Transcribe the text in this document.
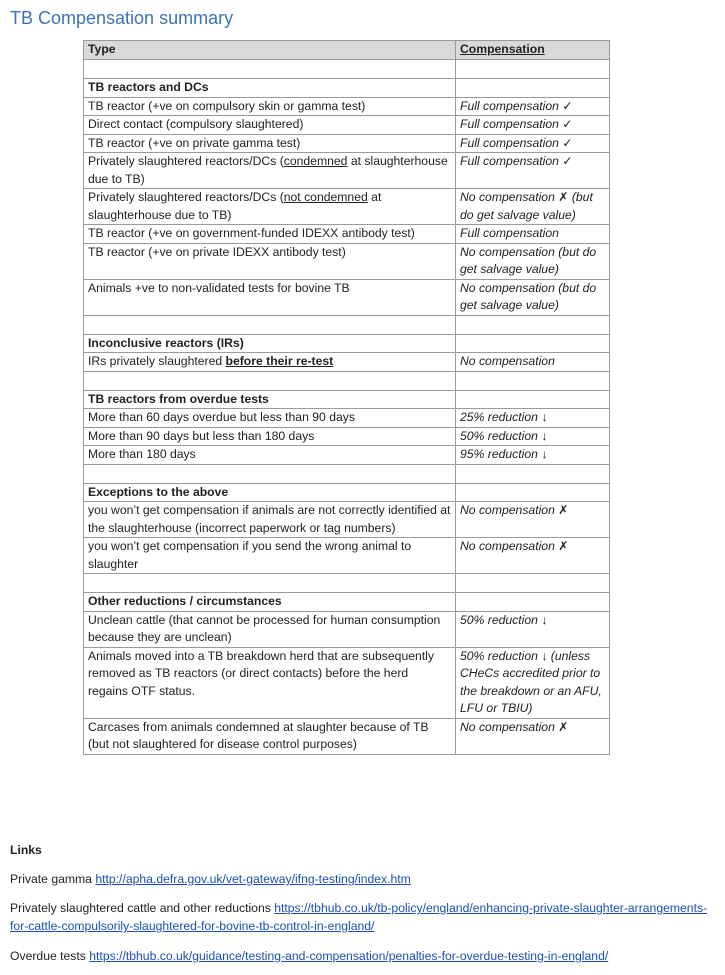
TB Compensation summary
Type	Compensation

TB reactors and DCs	
TB reactor (+ve on compulsory skin or gamma test)	Full compensation ✓
Direct contact (compulsory slaughtered)	Full compensation ✓
TB reactor (+ve on private gamma test)	Full compensation ✓
Privately slaughtered reactors/DCs (condemned at slaughterhouse due to TB)	Full compensation ✓
Privately slaughtered reactors/DCs (not condemned at slaughterhouse due to TB)	No compensation ✗ (but do get salvage value)
TB reactor (+ve on government-funded IDEXX antibody test)	Full compensation
TB reactor (+ve on private IDEXX antibody test)	No compensation (but do get salvage value)
Animals +ve to non-validated tests for bovine TB	No compensation (but do get salvage value)

Inconclusive reactors (IRs)	
IRs privately slaughtered before their re-test	No compensation

TB reactors from overdue tests	
More than 60 days overdue but less than 90 days	25% reduction ↓
More than 90 days but less than 180 days	50% reduction ↓
More than 180 days	95% reduction ↓

Exceptions to the above	
you won’t get compensation if animals are not correctly identified at the slaughterhouse (incorrect paperwork or tag numbers)	No compensation ✗
you won’t get compensation if you send the wrong animal to slaughter	No compensation ✗

Other reductions / circumstances	
Unclean cattle (that cannot be processed for human consumption because they are unclean)	50% reduction ↓
Animals moved into a TB breakdown herd that are subsequently removed as TB reactors (or direct contacts) before the herd regains OTF status.	50% reduction ↓ (unless CHeCs accredited prior to the breakdown or an AFU, LFU or TBIU)
Carcases from animals condemned at slaughter because of TB (but not slaughtered for disease control purposes)	No compensation ✗
Links
Private gamma http://apha.defra.gov.uk/vet-gateway/ifng-testing/index.htm
Privately slaughtered cattle and other reductions https://tbhub.co.uk/tb-policy/england/enhancing-private-slaughter-arrangements-for-cattle-compulsorily-slaughtered-for-bovine-tb-control-in-england/
Overdue tests https://tbhub.co.uk/guidance/testing-and-compensation/penalties-for-overdue-testing-in-england/
